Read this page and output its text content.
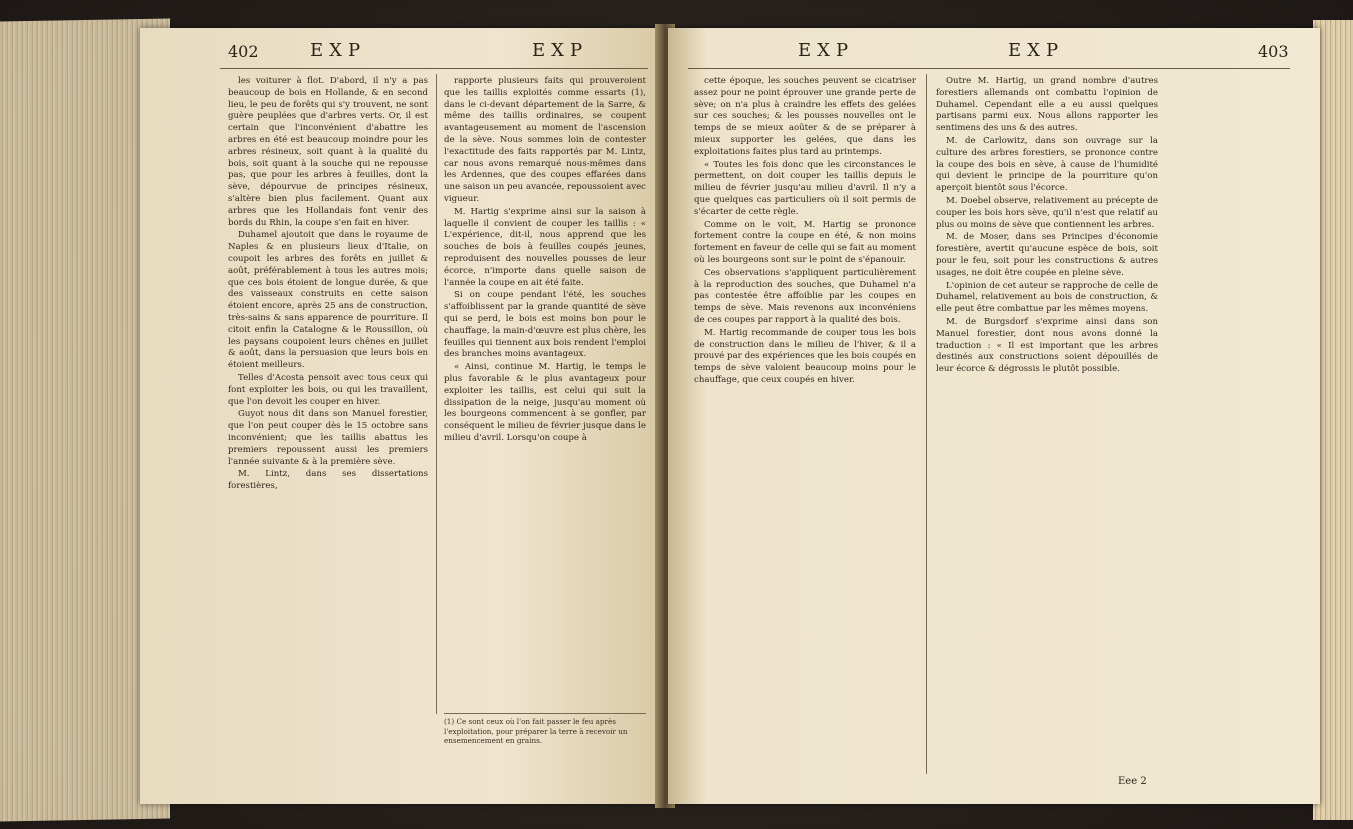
402	EXP	EXP

les voiturer à flot. D'abord, il n'y a pas beaucoup de bois en Hollande, & en second lieu, le peu de forêts qui s'y trouvent, ne sont guère peuplées que d'arbres verts. Or, il est certain que l'inconvénient d'abattre les arbres en été est beaucoup moindre pour les arbres résineux, soit quant à la qualité du bois, soit quant à la souche qui ne repousse pas, que pour les arbres à feuilles, dont la sève, dépourvue de principes résineux, s'altère bien plus facilement. Quant aux arbres que les Hollandais font venir des bords du Rhin, la coupe s'en fait en hiver.

Duhamel ajoutoit que dans le royaume de Naples & en plusieurs lieux d'Italie, on coupoit les arbres des forêts en juillet & août, préférablement à tous les autres mois; que ces bois étoient de longue durée, & que des vaisseaux construits en cette saison étoient encore, après 25 ans de construction, très-sains & sans apparence de pourriture. Il citoit enfin la Catalogne & le Roussillon, où les paysans coupoient leurs chênes en juillet & août, dans la persuasion que leurs bois en étoient meilleurs.

Telles d'Acosta pensoit avec tous ceux qui font exploiter les bois, ou qui les travaillent, que l'on devoit les couper en hiver.

Guyot nous dit dans son Manuel forestier, que l'on peut couper dès le 15 octobre sans inconvénient; que les taillis abattus les premiers repoussent aussi les premiers l'année suivante & à la première sève.

M. Lintz, dans ses dissertations forestières,

rapporte plusieurs faits qui prouveroient que les taillis exploités comme essarts (1), dans le ci-devant département de la Sarre, & même des taillis ordinaires, se coupent avantageusement au moment de l'ascension de la sève. Nous sommes loin de contester l'exactitude des faits rapportés par M. Lintz, car nous avons remarqué nous-mêmes dans les Ardennes, que des coupes effarées dans une saison un peu avancée, repoussoient avec vigueur.

M. Hartig s'exprime ainsi sur la saison à laquelle il convient de couper les taillis : « L'expérience, dit-il, nous apprend que les souches de bois à feuilles coupés jeunes, reproduisent des nouvelles pousses de leur écorce, n'importe dans quelle saison de l'année la coupe en ait été faite.

Si on coupe pendant l'été, les souches s'affoiblissent par la grande quantité de sève qui se perd, le bois est moins bon pour le chauffage, la main-d'œuvre est plus chère, les feuilles qui tiennent aux bois rendent l'emploi des branches moins avantageux.

« Ainsi, continue M. Hartig, le temps le plus favorable & le plus avantageux pour exploiter les taillis, est celui qui suit la dissipation de la neige, jusqu'au moment où les bourgeons commencent à se gonfler, par conséquent le milieu de février jusque dans le milieu d'avril. Lorsqu'on coupe à

(1) Ce sont ceux où l'on fait passer le feu après l'exploitation, pour préparer la terre à recevoir un ensemencement en grains.
EXP	EXP	403

cette époque, les souches peuvent se cicatriser assez pour ne point éprouver une grande perte de sève; on n'a plus à craindre les effets des gelées sur ces souches; & les pousses nouvelles ont le temps de se mieux aoûter & de se préparer à mieux supporter les gelées, que dans les exploitations faites plus tard au printemps.

« Toutes les fois donc que les circonstances le permettent, on doit couper les taillis depuis le milieu de février jusqu'au milieu d'avril. Il n'y a que quelques cas particuliers où il soit permis de s'écarter de cette règle.

Comme on le voit, M. Hartig se prononce fortement contre la coupe en été, & non moins fortement en faveur de celle qui se fait au moment où les bourgeons sont sur le point de s'épanouir.

Ces observations s'appliquent particulièrement à la reproduction des souches, que Duhamel n'a pas contestée être affoiblie par les coupes en temps de sève. Mais revenons aux inconvéniens de ces coupes par rapport à la qualité des bois.

M. Hartig recommande de couper tous les bois de construction dans le milieu de l'hiver, & il a prouvé par des expériences que les bois coupés en temps de sève valoient beaucoup moins pour le chauffage, que ceux coupés en hiver.

Outre M. Hartig, un grand nombre d'autres forestiers allemands ont combattu l'opinion de Duhamel. Cependant elle a eu aussi quelques partisans parmi eux. Nous allons rapporter les sentimens des uns & des autres.

M. de Carlowitz, dans son ouvrage sur la culture des arbres forestiers, se prononce contre la coupe des bois en sève, à cause de l'humidité qui devient le principe de la pourriture qu'on aperçoit bientôt sous l'écorce.

M. Doebel observe, relativement au précepte de couper les bois hors sève, qu'il n'est que relatif au plus ou moins de sève que contiennent les arbres.

M. de Moser, dans ses Principes d'économie forestière, avertit qu'aucune espèce de bois, soit pour le feu, soit pour les constructions & autres usages, ne doit être coupée en pleine sève.

L'opinion de cet auteur se rapproche de celle de Duhamel, relativement au bois de construction, & elle peut être combattue par les mêmes moyens.

M. de Burgsdorf s'exprime ainsi dans son Manuel forestier, dont nous avons donné la traduction : « Il est important que les arbres destinés aux constructions soient dépouillés de leur écorce & dégrossis le plutôt possible.

Eee 2
